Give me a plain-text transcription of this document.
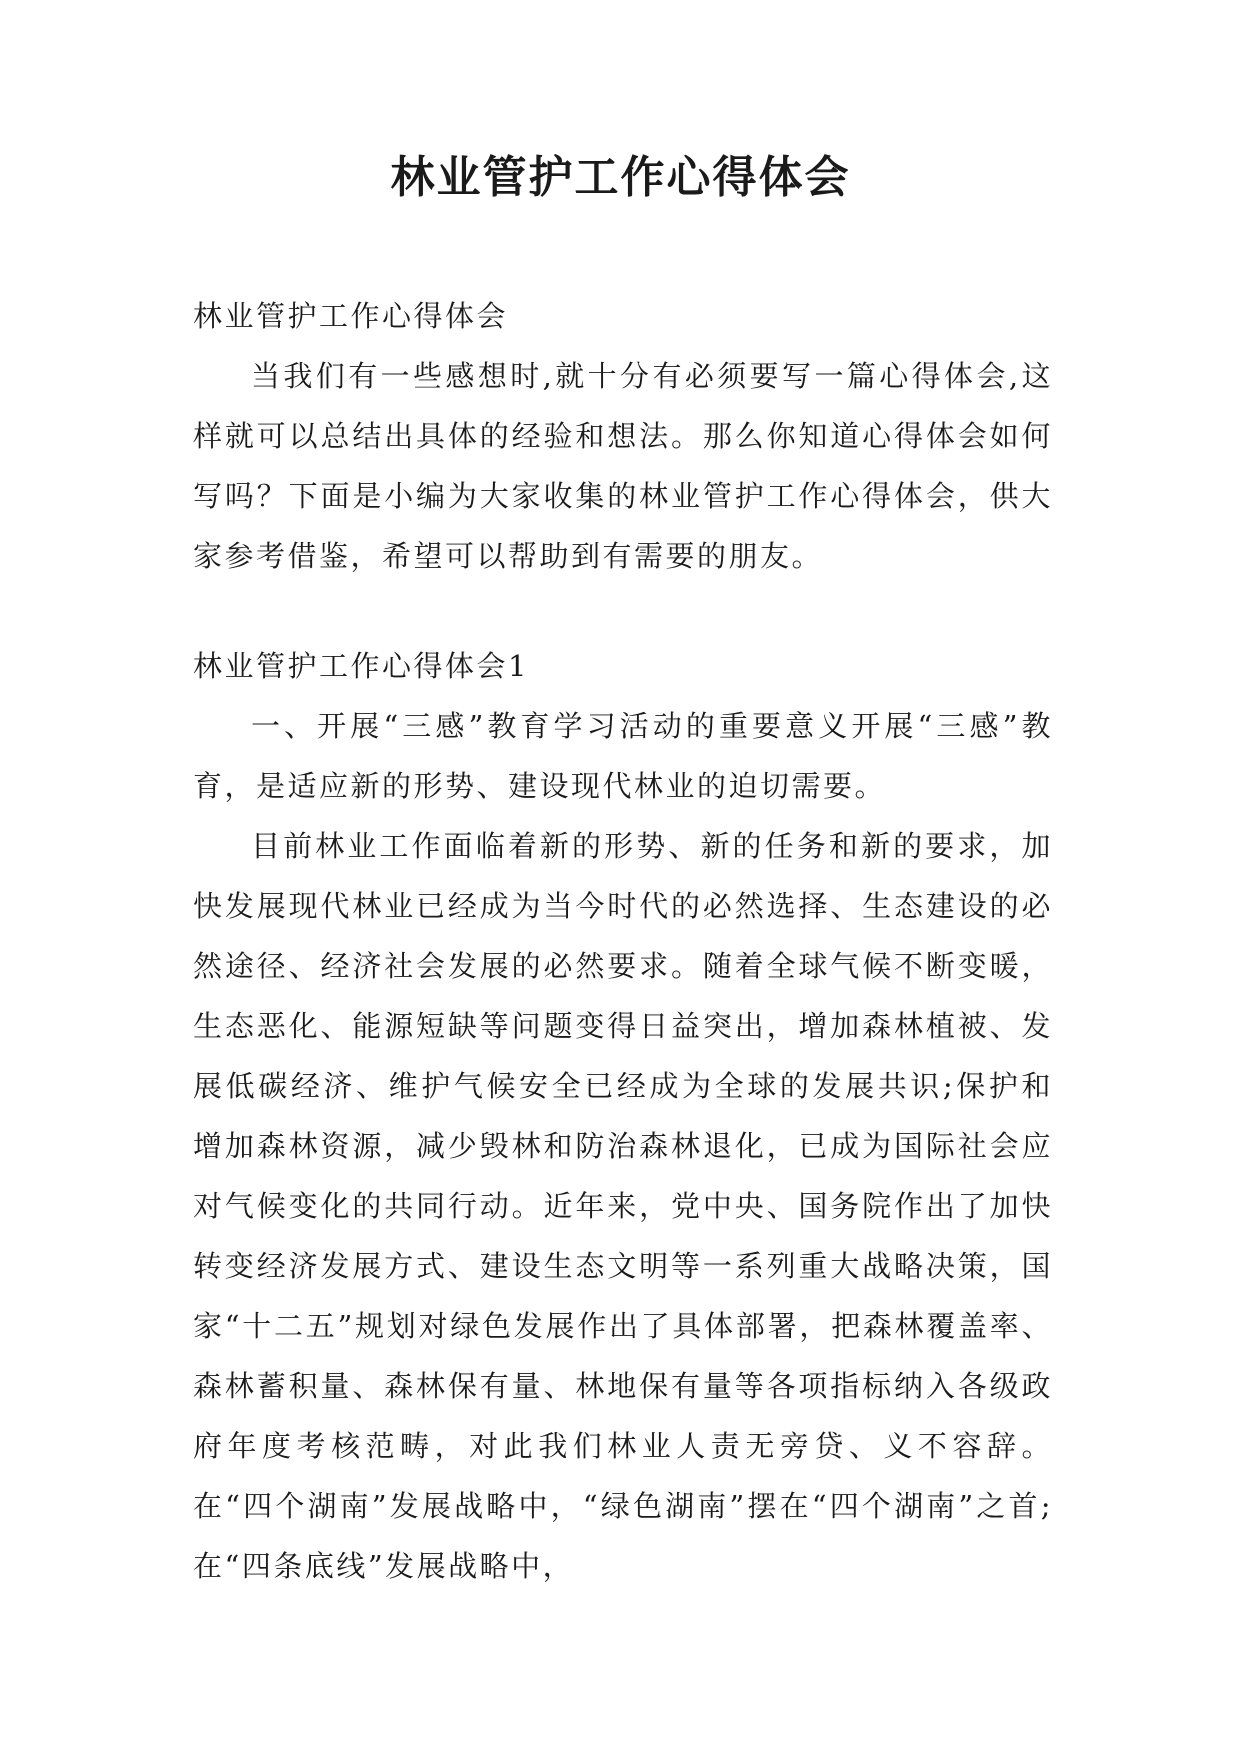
林业管护工作心得体会

林业管护工作心得体会

当我们有一些感想时,就十分有必须要写一篇心得体会,这样就可以总结出具体的经验和想法。那么你知道心得体会如何写吗？下面是小编为大家收集的林业管护工作心得体会，供大家参考借鉴，希望可以帮助到有需要的朋友。

林业管护工作心得体会1

一、开展“三感”教育学习活动的重要意义开展“三感”教育，是适应新的形势、建设现代林业的迫切需要。

目前林业工作面临着新的形势、新的任务和新的要求，加快发展现代林业已经成为当今时代的必然选择、生态建设的必然途径、经济社会发展的必然要求。随着全球气候不断变暖，生态恶化、能源短缺等问题变得日益突出，增加森林植被、发展低碳经济、维护气候安全已经成为全球的发展共识;保护和增加森林资源，减少毁林和防治森林退化，已成为国际社会应对气候变化的共同行动。近年来，党中央、国务院作出了加快转变经济发展方式、建设生态文明等一系列重大战略决策，国家“十二五”规划对绿色发展作出了具体部署，把森林覆盖率、森林蓄积量、森林保有量、林地保有量等各项指标纳入各级政府年度考核范畴，对此我们林业人责无旁贷、义不容辞。在“四个湖南”发展战略中，“绿色湖南”摆在“四个湖南”之首;在“四条底线”发展战略中，
